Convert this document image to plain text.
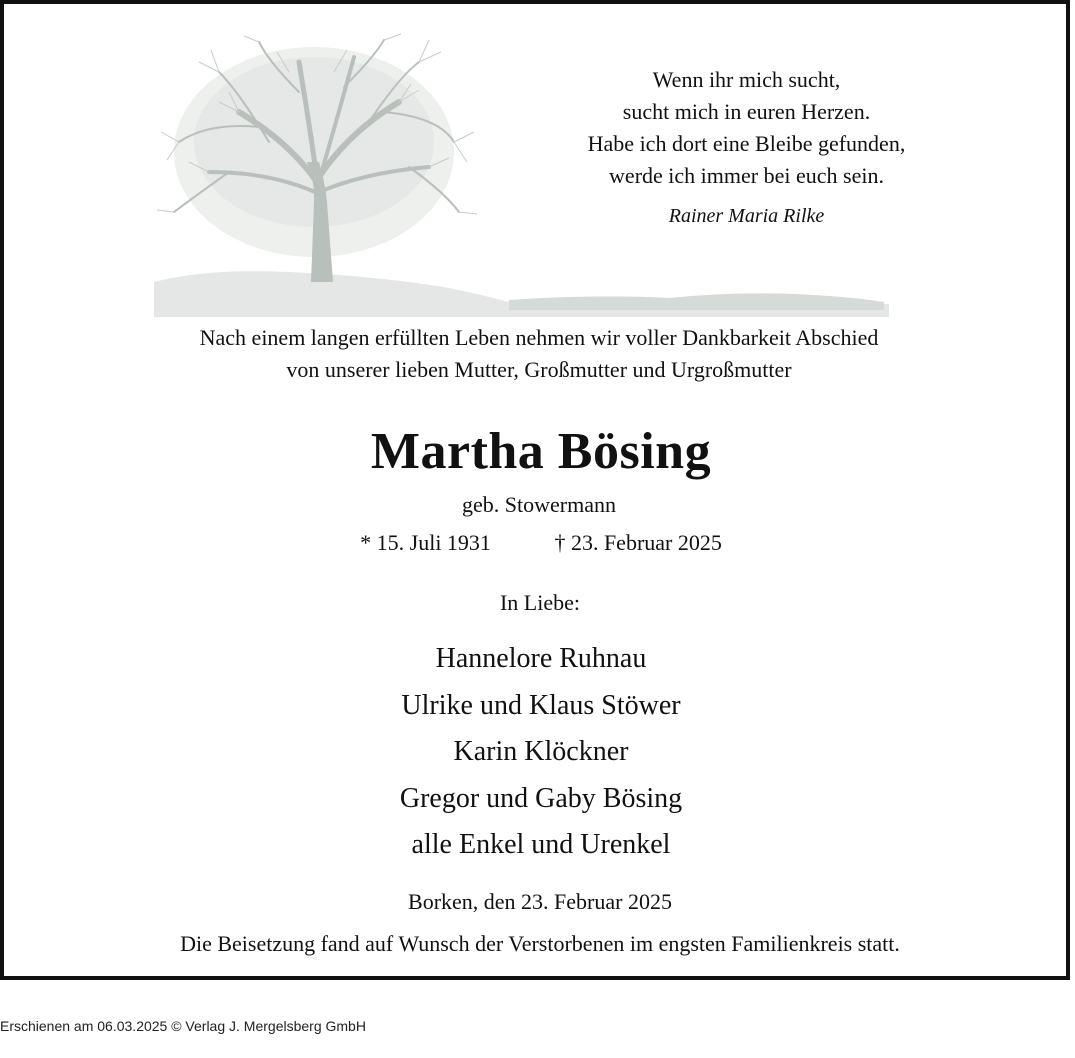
Wenn ihr mich sucht,
sucht mich in euren Herzen.
Habe ich dort eine Bleibe gefunden,
werde ich immer bei euch sein.
Rainer Maria Rilke
Nach einem langen erfüllten Leben nehmen wir voller Dankbarkeit Abschied
von unserer lieben Mutter, Großmutter und Urgroßmutter
Martha Bösing
geb. Stowermann
* 15. Juli 1931	† 23. Februar 2025
In Liebe:
Hannelore Ruhnau
Ulrike und Klaus Stöwer
Karin Klöckner
Gregor und Gaby Bösing
alle Enkel und Urenkel
Borken, den 23. Februar 2025
Die Beisetzung fand auf Wunsch der Verstorbenen im engsten Familienkreis statt.
Erschienen am 06.03.2025 © Verlag J. Mergelsberg GmbH
